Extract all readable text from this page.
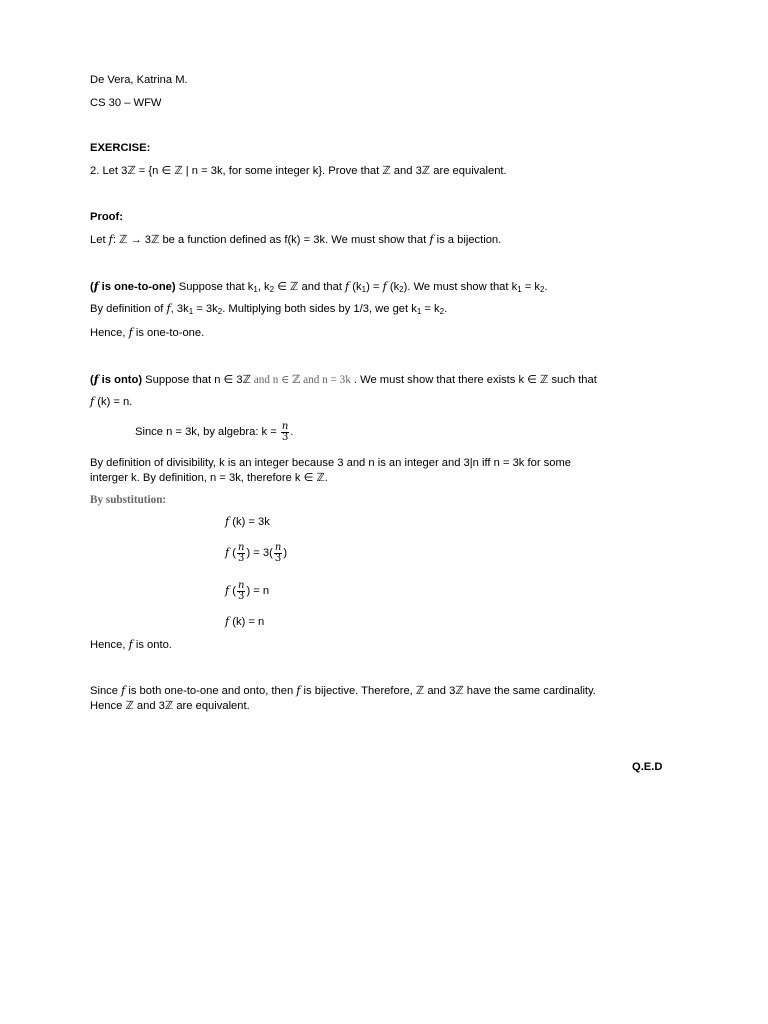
De Vera, Katrina M.
CS 30 – WFW
EXERCISE:
2. Let 3ℤ = {n ∈ ℤ | n = 3k, for some integer k}. Prove that ℤ and 3ℤ are equivalent.
Proof:
Let f: ℤ → 3ℤ be a function defined as f(k) = 3k. We must show that f is a bijection.
(f is one-to-one) Suppose that $k_1$, $k_2$ ∈ ℤ and that f $(k_1) = f$ $(k_2)$. We must show that $k_1 = k_2$.
By definition of f, $3k_1 = 3k_2$. Multiplying both sides by 1/3, we get $k_1 = k_2$.
Hence, f is one-to-one.
(f is onto) Suppose that n ∈ 3ℤ and n ∈ ℤ and n = 3k . We must show that there exists k ∈ ℤ such that
f (k) = n.
Since n = 3k, by algebra: $k = \frac{n}{3}$ .
By definition of divisibility, k is an integer because 3 and n is an integer and 3|n iff n = 3k for some
interger k. By definition, n = 3k, therefore k ∈ ℤ.
By substitution:
f (k) = 3k
f ( $\frac{n}{3}$ ) = $3( \frac{n}{3}$ )
f ( $\frac{n}{3}$ ) = n
f (k) = n
Hence, f is onto.
Since f is both one-to-one and onto, then f is bijective. Therefore, ℤ and 3ℤ have the same cardinality.
Hence ℤ and 3ℤ are equivalent.
Q.E.D
